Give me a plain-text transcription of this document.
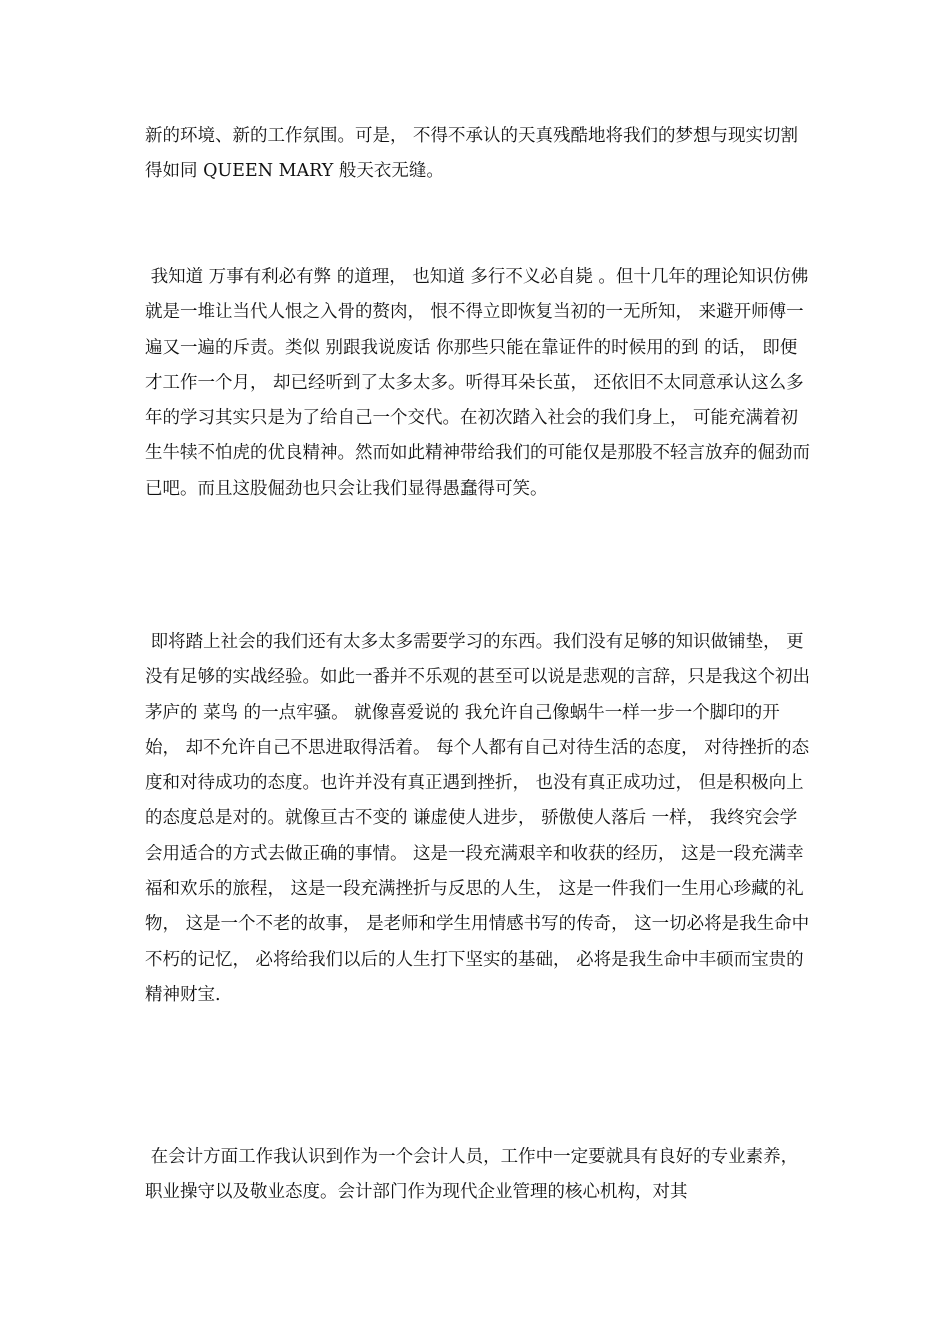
新的环境、新的工作氛围。可是， 不得不承认的天真残酷地将我们的梦想与现实切割得如同 QUEEN MARY 般天衣无缝。

我知道 万事有利必有弊 的道理， 也知道 多行不义必自毙 。但十几年的理论知识仿佛就是一堆让当代人恨之入骨的赘肉， 恨不得立即恢复当初的一无所知， 来避开师傅一遍又一遍的斥责。类似 别跟我说废话 你那些只能在靠证件的时候用的到 的话， 即便才工作一个月， 却已经听到了太多太多。听得耳朵长茧， 还依旧不太同意承认这么多年的学习其实只是为了给自己一个交代。在初次踏入社会的我们身上， 可能充满着初生牛犊不怕虎的优良精神。然而如此精神带给我们的可能仅是那股不轻言放弃的倔劲而已吧。而且这股倔劲也只会让我们显得愚蠢得可笑。

即将踏上社会的我们还有太多太多需要学习的东西。我们没有足够的知识做铺垫， 更没有足够的实战经验。如此一番并不乐观的甚至可以说是悲观的言辞，只是我这个初出茅庐的 菜鸟 的一点牢骚。 就像喜爱说的 我允许自己像蜗牛一样一步一个脚印的开始， 却不允许自己不思进取得活着。 每个人都有自己对待生活的态度， 对待挫折的态度和对待成功的态度。也许并没有真正遇到挫折， 也没有真正成功过， 但是积极向上的态度总是对的。就像亘古不变的 谦虚使人进步， 骄傲使人落后 一样， 我终究会学会用适合的方式去做正确的事情。 这是一段充满艰辛和收获的经历， 这是一段充满幸福和欢乐的旅程， 这是一段充满挫折与反思的人生， 这是一件我们一生用心珍藏的礼物， 这是一个不老的故事， 是老师和学生用情感书写的传奇， 这一切必将是我生命中不朽的记忆， 必将给我们以后的人生打下坚实的基础， 必将是我生命中丰硕而宝贵的精神财宝.

在会计方面工作我认识到作为一个会计人员，工作中一定要就具有良好的专业素养，职业操守以及敬业态度。会计部门作为现代企业管理的核心机构，对其
